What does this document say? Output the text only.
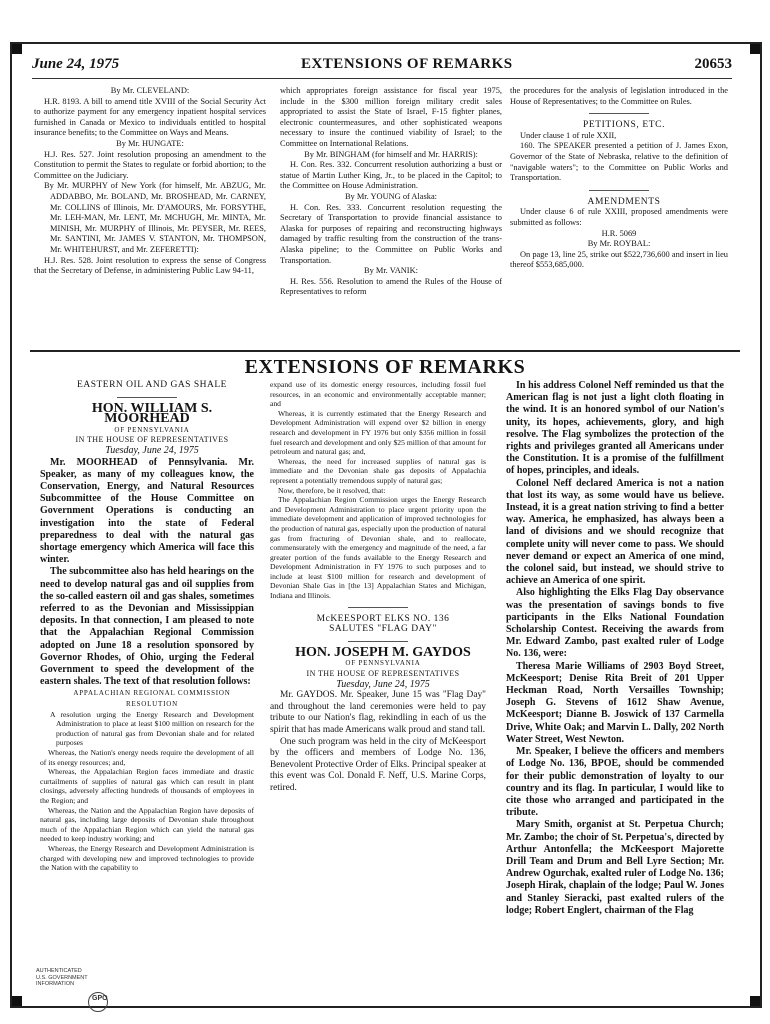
June 24, 1975	EXTENSIONS OF REMARKS	20653

By Mr. CLEVELAND:

H.R. 8193. A bill to amend title XVIII of the Social Security Act to authorize payment for any emergency inpatient hospital services furnished in Canada or Mexico to individuals entitled to hospital insurance benefits; to the Committee on Ways and Means.

By Mr. HUNGATE:

H.J. Res. 527. Joint resolution proposing an amendment to the Constitution to permit the States to regulate or forbid abortion; to the Committee on the Judiciary.

By Mr. MURPHY of New York (for himself, Mr. ABZUG, Mr. ADDABBO, Mr. BOLAND, Mr. BROSHEAD, Mr. CARNEY, Mr. COLLINS of Illinois, Mr. D'AMOURS, Mr. FORSYTHE, Mr. LEH-MAN, Mr. LENT, Mr. MCHUGH, Mr. MINTA, Mr. MINISH, Mr. MURPHY of Illinois, Mr. PEYSER, Mr. REES, Mr. SANTINI, Mr. JAMES V. STANTON, Mr. THOMPSON, Mr. WHITEHURST, and Mr. ZEFERETTI):

H.J. Res. 528. Joint resolution to express the sense of Congress that the Secretary of Defense, in administering Public Law 94-11,

which appropriates foreign assistance for fiscal year 1975, include in the $300 million foreign military credit sales appropriated to assist the State of Israel, F-15 fighter planes, electronic countermeasures, and other sophisticated weapons necessary to insure the continued viability of Israel; to the Committee on International Relations.

By Mr. BINGHAM (for himself and Mr. HARRIS):

H. Con. Res. 332. Concurrent resolution authorizing a bust or statue of Martin Luther King, Jr., to be placed in the Capitol; to the Committee on House Administration.

By Mr. YOUNG of Alaska:

H. Con. Res. 333. Concurrent resolution requesting the Secretary of Transportation to provide financial assistance to Alaska for purposes of repairing and reconstructing highways damaged by traffic resulting from the construction of the trans-Alaska pipeline; to the Committee on Public Works and Transportation.

By Mr. VANIK:

H. Res. 556. Resolution to amend the Rules of the House of Representatives to reform

the procedures for the analysis of legislation introduced in the House of Representatives; to the Committee on Rules.

PETITIONS, ETC.

Under clause 1 of rule XXII,

160. The SPEAKER presented a petition of J. James Exon, Governor of the State of Nebraska, relative to the definition of "navigable waters"; to the Committee on Public Works and Transportation.

AMENDMENTS

Under clause 6 of rule XXIII, proposed amendments were submitted as follows:

H.R. 5069

By Mr. ROYBAL:

On page 13, line 25, strike out $522,736,600 and insert in lieu thereof $553,685,000.

EXTENSIONS OF REMARKS

EASTERN OIL AND GAS SHALE

HON. WILLIAM S. MOORHEAD

OF PENNSYLVANIA

IN THE HOUSE OF REPRESENTATIVES

Tuesday, June 24, 1975

Mr. MOORHEAD of Pennsylvania. Mr. Speaker, as many of my colleagues know, the Conservation, Energy, and Natural Resources Subcommittee of the House Committee on Government Operations is conducting an investigation into the state of Federal preparedness to deal with the natural gas shortage emergency which America will face this winter.

The subcommittee also has held hearings on the need to develop natural gas and oil supplies from the so-called eastern oil and gas shales, sometimes referred to as the Devonian and Mississippian deposits. In that connection, I am pleased to note that the Appalachian Regional Commission adopted on June 18 a resolution sponsored by Governor Rhodes, of Ohio, urging the Federal Government to speed the development of the eastern shales. The text of that resolution follows:

APPALACHIAN REGIONAL COMMISSION

RESOLUTION

A resolution urging the Energy Research and Development Administration to place at least $100 million on research for the production of natural gas from Devonian shale and for related purposes

Whereas, the Nation's energy needs require the development of all of its energy resources; and,

Whereas, the Appalachian Region faces immediate and drastic curtailments of supplies of natural gas which can result in plant closings, adversely affecting hundreds of thousands of employees in the Region; and

Whereas, the Nation and the Appalachian Region have deposits of natural gas, including large deposits of Devonian shale throughout much of the Appalachian Region which can yield the natural gas needed to keep industry working; and

Whereas, the Energy Research and Development Administration is charged with developing new and improved technologies to provide the Nation with the capability to

expand use of its domestic energy resources, including fossil fuel resources, in an economic and environmentally acceptable manner; and

Whereas, it is currently estimated that the Energy Research and Development Administration will expend over $2 billion in energy research and development in FY 1976 but only $356 million in fossil fuel research and development and only $25 million of that amount for petroleum and natural gas; and,

Whereas, the need for increased supplies of natural gas is immediate and the Devonian shale gas deposits of Appalachia represent a potentially tremendous supply of natural gas;

Now, therefore, be it resolved, that:

The Appalachian Region Commission urges the Energy Research and Development Administration to place urgent priority upon the immediate development and application of improved technologies for the production of natural gas, especially upon the production of natural gas from fracturing of Devonian shale, and to reallocate, commensurately with the emergency and magnitude of the need, a far greater portion of the funds available to the Energy Research and Development Administration in FY 1976 to such purposes and to include at least $100 million for research and development of Devonian Shale Gas in [the 13] Appalachian States and Michigan, Indiana and Illinois.

McKEESPORT ELKS NO. 136

SALUTES "FLAG DAY"

HON. JOSEPH M. GAYDOS

OF PENNSYLVANIA

IN THE HOUSE OF REPRESENTATIVES

Tuesday, June 24, 1975

Mr. GAYDOS. Mr. Speaker, June 15 was "Flag Day" and throughout the land ceremonies were held to pay tribute to our Nation's flag, rekindling in each of us the spirit that has made Americans walk proud and stand tall.

One such program was held in the city of McKeesport by the officers and members of Lodge No. 136, Benevolent Protective Order of Elks. Principal speaker at this event was Col. Donald F. Neff, U.S. Marine Corps, retired.

In his address Colonel Neff reminded us that the American flag is not just a light cloth floating in the wind. It is an honored symbol of our Nation's unity, its hopes, achievements, glory, and high resolve. The Flag symbolizes the protection of the rights and privileges granted all Americans under the Constitution. It is a promise of the fulfillment of hopes, principles, and ideals.

Colonel Neff declared America is not a nation that lost its way, as some would have us believe. Instead, it is a great nation striving to find a better way. America, he emphasized, has always been a land of divisions and we should recognize that complete unity will never come to pass. We should never demand or expect an America of one mind, the colonel said, but instead, we should strive to achieve an America of one spirit.

Also highlighting the Elks Flag Day observance was the presentation of savings bonds to five participants in the Elks National Foundation Scholarship Contest. Receiving the awards from Mr. Edward Zambo, past exalted ruler of Lodge No. 136, were:

Theresa Marie Williams of 2903 Boyd Street, McKeesport; Denise Rita Breit of 201 Upper Heckman Road, North Versailles Township; Joseph G. Stevens of 1612 Shaw Avenue, McKeesport; Dianne B. Joswick of 137 Carmella Drive, White Oak; and Marvin L. Dally, 202 North Water Street, West Newton.

Mr. Speaker, I believe the officers and members of Lodge No. 136, BPOE, should be commended for their public demonstration of loyalty to our country and its flag. In particular, I would like to cite those who arranged and participated in the tribute.

Mary Smith, organist at St. Perpetua Church; Mr. Zambo; the choir of St. Perpetua's, directed by Arthur Antonfella; the McKeesport Majorette Drill Team and Drum and Bell Lyre Section; Mr. Andrew Ogurchak, exalted ruler of Lodge No. 136; Joseph Hirak, chaplain of the lodge; Paul W. Jones and Stanley Sieracki, past exalted rulers of the lodge; Robert Englert, chairman of the Flag

AUTHENTICATED
U.S. GOVERNMENT
INFORMATION
GPO
